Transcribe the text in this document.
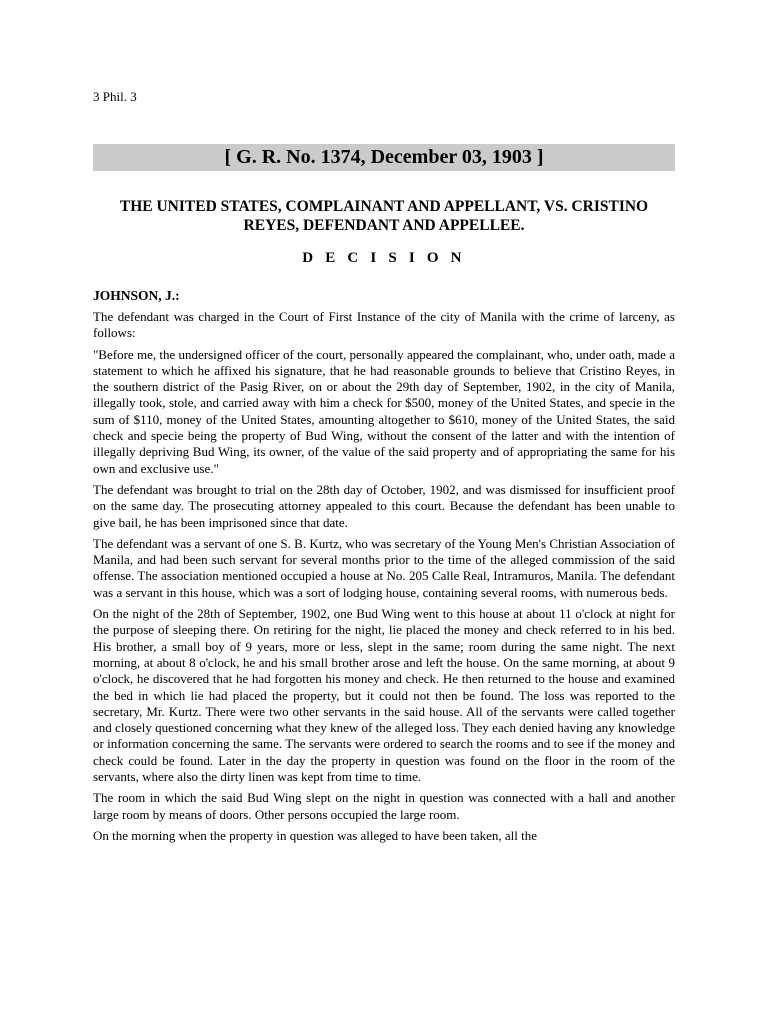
3 Phil. 3
[ G. R. No. 1374, December 03, 1903 ]
THE UNITED STATES, COMPLAINANT AND APPELLANT, VS. CRISTINO REYES, DEFENDANT AND APPELLEE.
D E C I S I O N
JOHNSON, J.:

The defendant was charged in the Court of First Instance of the city of Manila with the crime of larceny, as follows:

"Before me, the undersigned officer of the court, personally appeared the complainant, who, under oath, made a statement to which he affixed his signature, that he had reasonable grounds to believe that Cristino Reyes, in the southern district of the Pasig River, on or about the 29th day of September, 1902, in the city of Manila, illegally took, stole, and carried away with him a check for $500, money of the United States, and specie in the sum of $110, money of the United States, amounting altogether to $610, money of the United States, the said check and specie being the property of Bud Wing, without the consent of the latter and with the intention of illegally depriving Bud Wing, its owner, of the value of the said property and of appropriating the same for his own and exclusive use."

The defendant was brought to trial on the 28th day of October, 1902, and was dismissed for insufficient proof on the same day. The prosecuting attorney appealed to this court. Because the defendant has been unable to give bail, he has been imprisoned since that date.

The defendant was a servant of one S. B. Kurtz, who was secretary of the Young Men's Christian Association of Manila, and had been such servant for several months prior to the time of the alleged commission of the said offense. The association mentioned occupied a house at No. 205 Calle Real, Intramuros, Manila. The defendant was a servant in this house, which was a sort of lodging house, containing several rooms, with numerous beds.

On the night of the 28th of September, 1902, one Bud Wing went to this house at about 11 o'clock at night for the purpose of sleeping there. On retiring for the night, lie placed the money and check referred to in his bed. His brother, a small boy of 9 years, more or less, slept in the same; room during the same night. The next morning, at about 8 o'clock, he and his small brother arose and left the house. On the same morning, at about 9 o'clock, he discovered that he had forgotten his money and check. He then returned to the house and examined the bed in which lie had placed the property, but it could not then be found. The loss was reported to the secretary, Mr. Kurtz. There were two other servants in the said house. All of the servants were called together and closely questioned concerning what they knew of the alleged loss. They each denied having any knowledge or information concerning the same. The servants were ordered to search the rooms and to see if the money and check could be found. Later in the day the property in question was found on the floor in the room of the servants, where also the dirty linen was kept from time to time.

The room in which the said Bud Wing slept on the night in question was connected with a hall and another large room by means of doors. Other persons occupied the large room.

On the morning when the property in question was alleged to have been taken, all the
